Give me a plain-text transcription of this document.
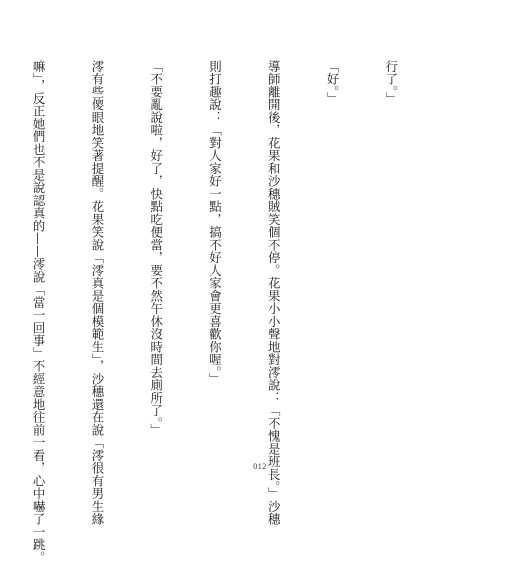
行了。」

「好。」

導師離開後，花果和沙穗賊笑個不停。花果小小聲地對澪說：「不愧是班長。」沙穗

則打趣說：「對人家好一點，搞不好人家會更喜歡你喔。」

「不要亂說啦，好了，快點吃便當，要不然午休沒時間去廁所了。」

澪有些傻眼地笑著提醒。花果笑說「澪真是個模範生」，沙穗還在說「澪很有男生緣

嘛」，反正她們也不是說認真的——澪說「當一回事」不經意地往前一看，心中嚇了一跳。

	012
